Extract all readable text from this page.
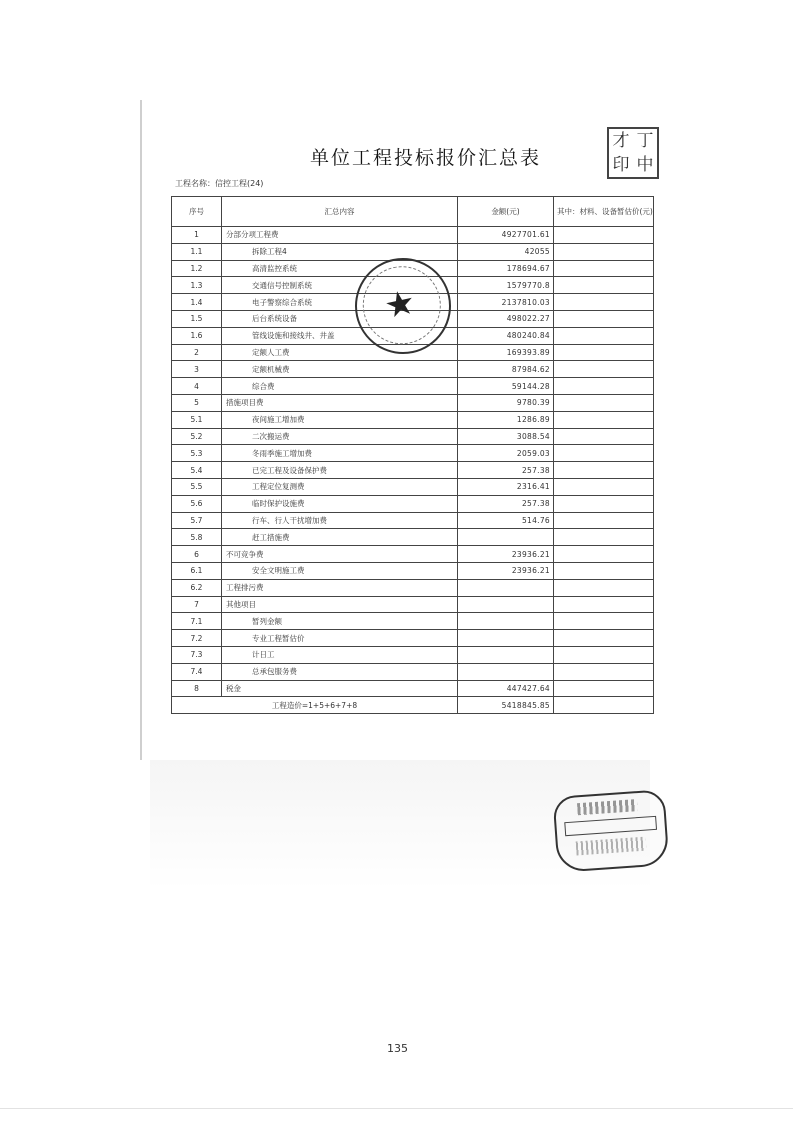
单位工程投标报价汇总表
才 丁
印 中
工程名称：信控工程(24)
序号	汇总内容	金额(元)	其中：材料、设备暂估价(元)
1	分部分项工程费	4927701.61	
1.1	拆除工程4	42055	
1.2	高清监控系统	178694.67	
1.3	交通信号控制系统	1579770.8	
1.4	电子警察综合系统	2137810.03	
1.5	后台系统设备	498022.27	
1.6	管线设施和接线井、井盖	480240.84	
2	定额人工费	169393.89	
3	定额机械费	87984.62	
4	综合费	59144.28	
5	措施项目费	9780.39	
5.1	夜间施工增加费	1286.89	
5.2	二次搬运费	3088.54	
5.3	冬雨季施工增加费	2059.03	
5.4	已完工程及设备保护费	257.38	
5.5	工程定位复测费	2316.41	
5.6	临时保护设施费	257.38	
5.7	行车、行人干扰增加费	514.76	
5.8	赶工措施费		
6	不可竞争费	23936.21	
6.1	安全文明施工费	23936.21	
6.2	工程排污费		
7	其他项目		
7.1	暂列金额		
7.2	专业工程暂估价		
7.3	计日工		
7.4	总承包服务费		
8	税金	447427.64	
工程造价=1+5+6+7+8		5418845.85	
★
135
